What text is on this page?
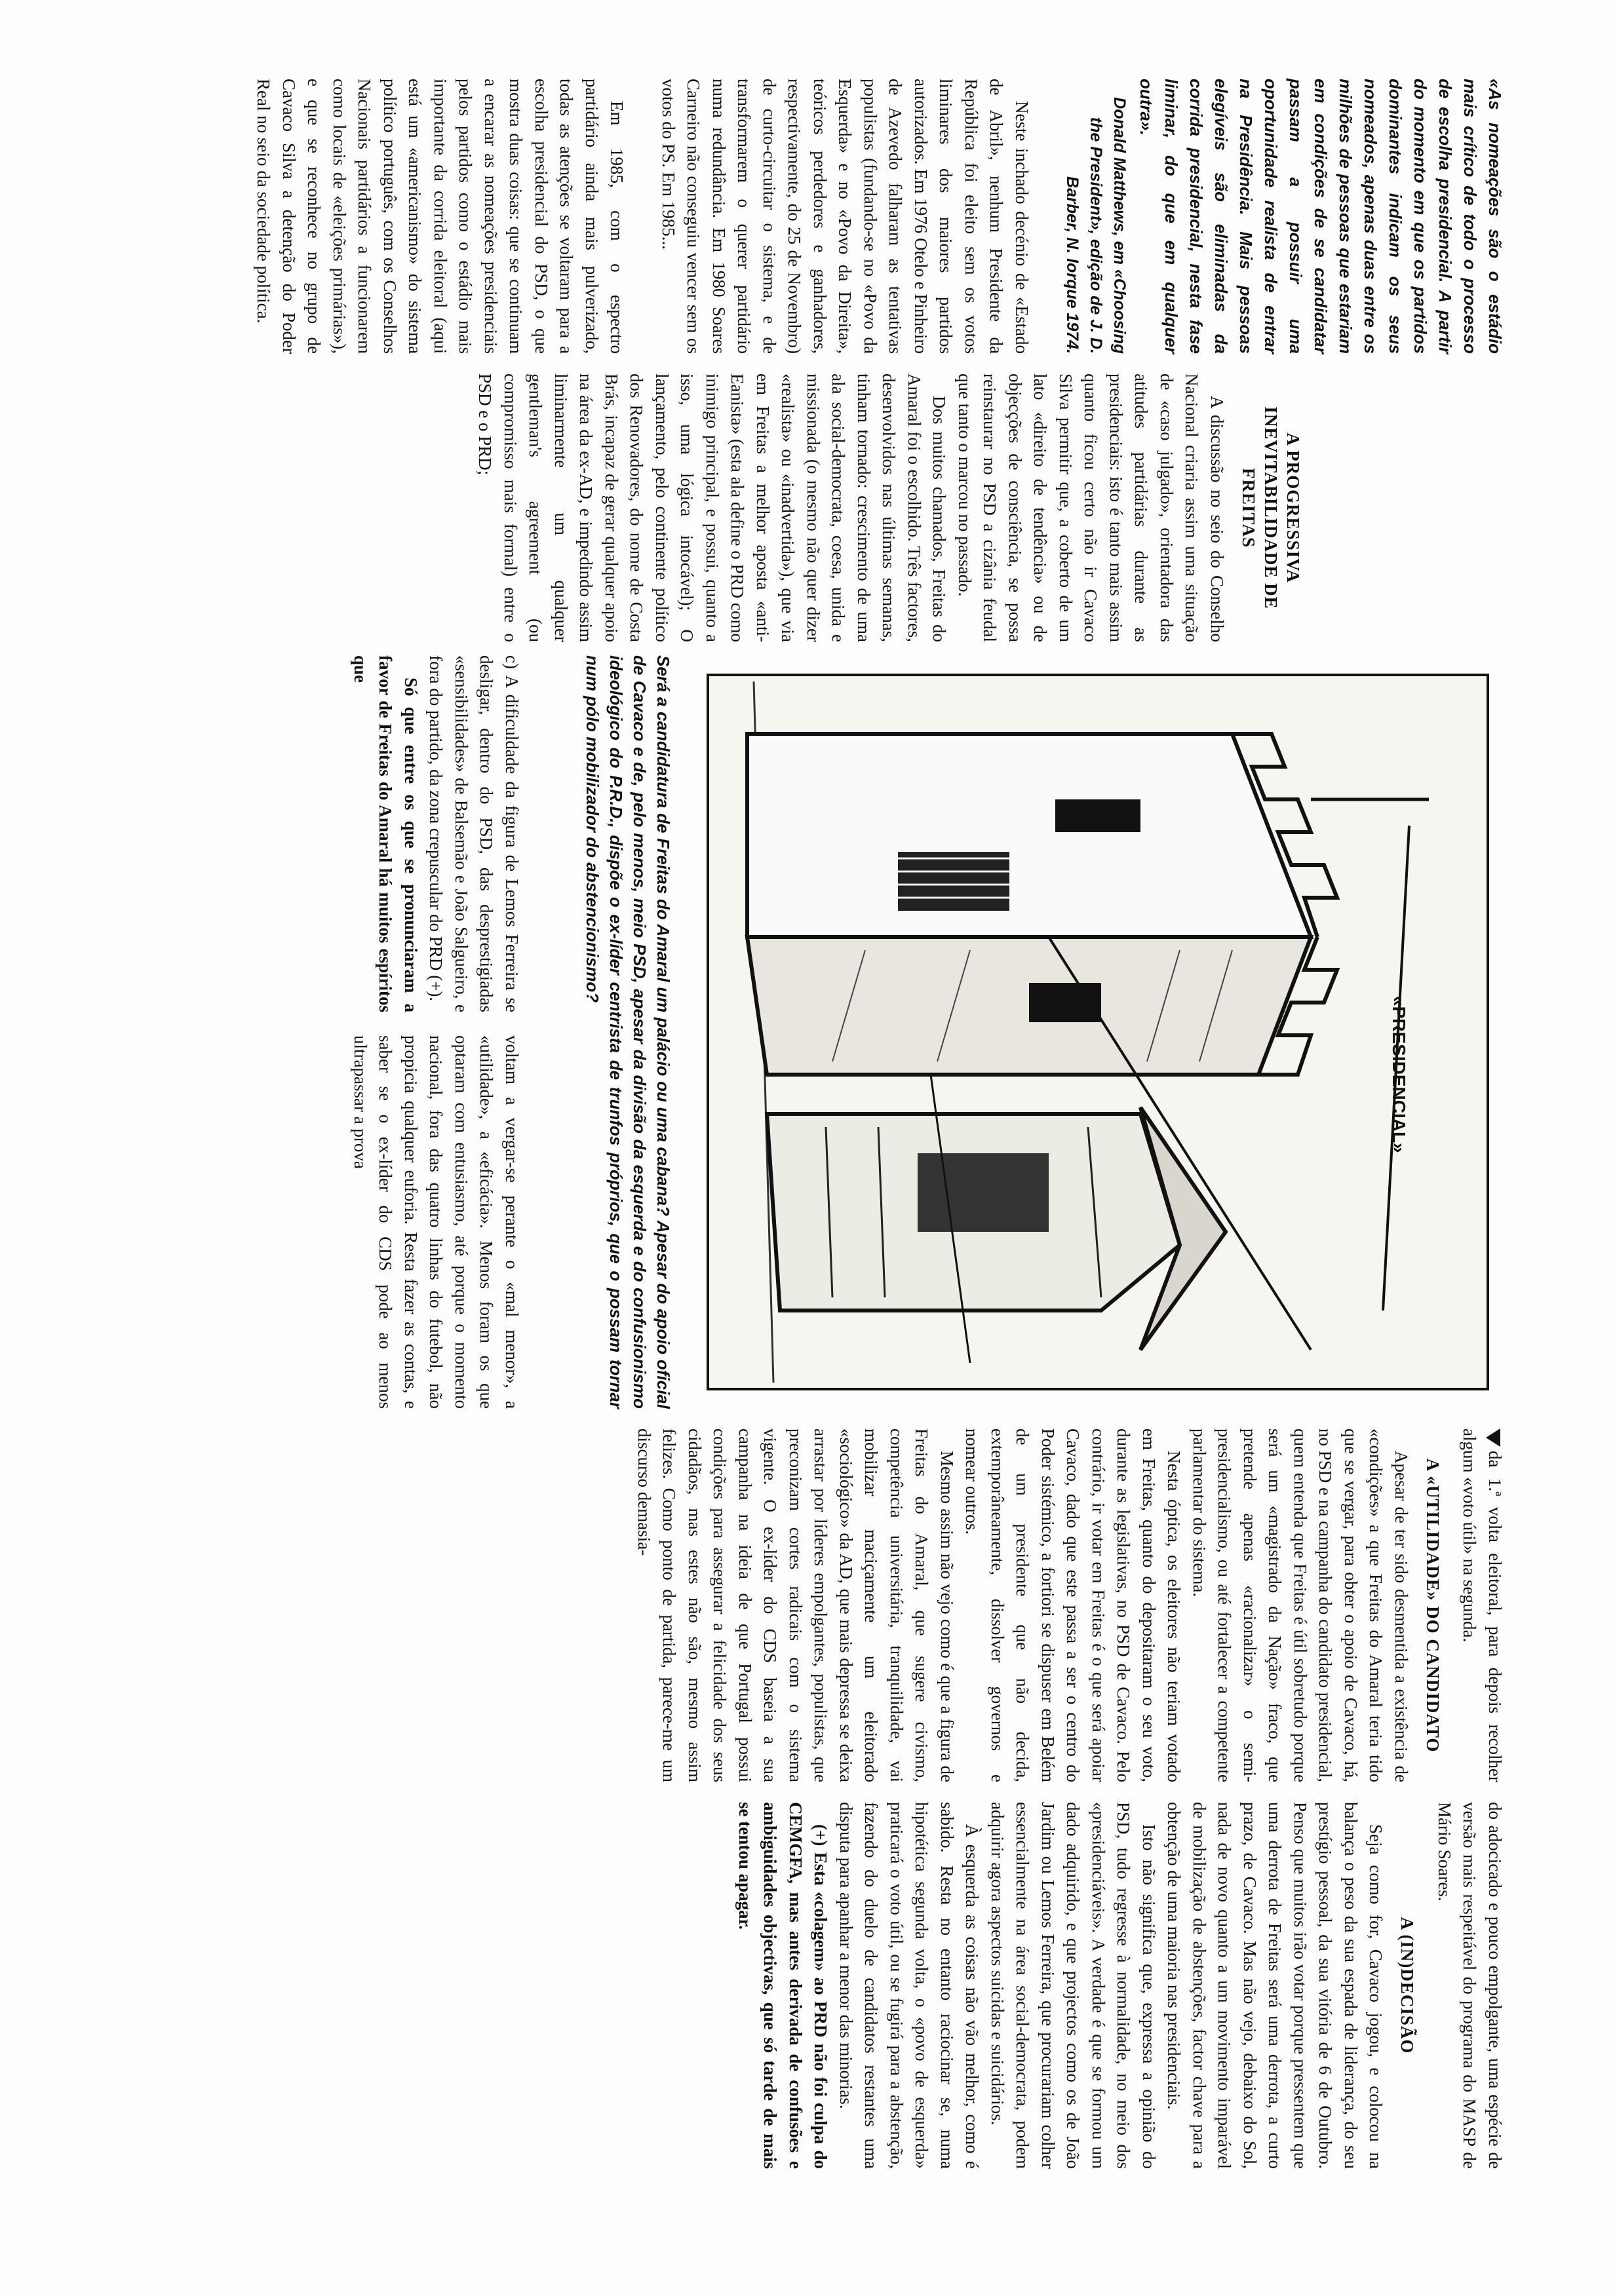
«As nomeações são o estádio mais crítico de todo o processo de escolha presidencial. A partir do momento em que os partidos dominantes indicam os seus nomeados, apenas duas entre os milhões de pessoas que estariam em condições de se candidatar passam a possuir uma oportunidade realista de entrar na Presidência. Mais pessoas elegíveis são eliminadas da corrida presidencial, nesta fase liminar, do que em qualquer outra».

Donald Matthews, em «Choosing the President», edição de J. D. Barber, N. Iorque 1974.

Neste inchado decénio de «Estado de Abril», nenhum Presidente da República foi eleito sem os votos liminares dos maiores partidos autorizados. Em 1976 Otelo e Pinheiro de Azevedo falharam as tentativas populistas (fundando-se no «Povo da Esquerda» e no «Povo da Direita», teóricos perdedores e ganhadores, respectivamente, do 25 de Novembro) de curto-circuitar o sistema, e de transformarem o querer partidário numa redundância. Em 1980 Soares Carneiro não conseguiu vencer sem os votos do PS. Em 1985...

Em 1985, com o espectro partidário ainda mais pulverizado, todas as atenções se voltaram para a escolha presidencial do PSD, o que mostra duas coisas: que se continuam a encarar as nomeações presidenciais pelos partidos como o estádio mais importante da corrida eleitoral (aqui está um «americanismo» do sistema político português, com os Conselhos Nacionais partidários a funcionarem como locais de «eleições primárias»), e que se reconhece no grupo de Cavaco Silva a detenção do Poder Real no seio da sociedade política.

A PROGRESSIVA INEVITABILIDADE DE FREITAS

A discussão no seio do Conselho Nacional criaria assim uma situação de «caso julgado», orientadora das atitudes partidárias durante as presidenciais: isto é tanto mais assim quanto ficou certo não ir Cavaco Silva permitir que, a coberto de um lato «direito de tendência» ou de objecções de consciência, se possa reinstaurar no PSD a cizânia feudal que tanto o marcou no passado.

Dos muitos chamados, Freitas do Amaral foi o escolhido. Três factores, desenvolvidos nas últimas semanas, tinham tornado: crescimento de uma ala social-democrata, coesa, unida e missionada (o mesmo não quer dizer «realista» ou «inadvertida»), que via em Freitas a melhor aposta «anti-Eanista» (esta ala define o PRD como inimigo principal, e possui, quanto a isso, uma lógica intocável); O lançamento, pelo continente político dos Renovadores, do nome de Costa Brás, incapaz de gerar qualquer apoio na área da ex-AD, e impedindo assim liminarmente um qualquer gentleman's agreement (ou compromisso mais formal) entre o PSD e o PRD;

«PRESIDENCIAL»
Será a candidatura de Freitas do Amaral um palácio ou uma cabana? Apesar do apoio oficial de Cavaco e de, pelo menos, meio PSD, apesar da divisão da esquerda e do confusionismo ideológico do P.R.D., dispõe o ex-líder centrista de trunfos próprios, que o possam tornar num pólo mobilizador do abstencionismo?

c) A dificuldade da figura de Lemos Ferreira se desligar, dentro do PSD, das desprestigiadas «sensibilidades» de Balsemão e João Salgueiro, e fora do partido, da zona crepuscular do PRD (+).

Só que entre os que se pronunciaram a favor de Freitas do Amaral há muitos espíritos que

voltam a vergar-se perante o «mal menor», a «utilidade», a «eficácia». Menos foram os que optaram com entusiasmo, até porque o momento nacional, fora das quatro linhas do futebol, não propicia qualquer euforia. Resta fazer as contas, e saber se o ex-líder do CDS pode ao menos ultrapassar a prova

da 1.ª volta eleitoral, para depois recolher algum «voto útil» na segunda.

A «UTILIDADE» DO CANDIDATO

Apesar de ter sido desmentida a existência de «condições» a que Freitas do Amaral teria tido que se vergar, para obter o apoio de Cavaco, há, no PSD e na campanha do candidato presidencial, quem entenda que Freitas é útil sobretudo porque será um «magistrado da Nação» fraco, que pretende apenas «racionalizar» o semi-presidencialismo, ou até fortalecer a competente parlamentar do sistema.

Nesta óptica, os eleitores não teriam votado em Freitas, quanto do depositaram o seu voto, durante as legislativas, no PSD de Cavaco. Pelo contrário, ir votar em Freitas é o que será apoiar Cavaco, dado que este passa a ser o centro do Poder sistémico, a fortiori se dispuser em Belém de um presidente que não decida, extemporâneamente, dissolver governos e nomear outros.

Mesmo assim não vejo como é que a figura de Freitas do Amaral, que sugere civismo, competência universitária, tranquilidade, vai mobilizar maciçamente um eleitorado «sociológico» da AD, que mais depressa se deixa arrastar por líderes empolgantes, populistas, que preconizam cortes radicais com o sistema vigente. O ex-líder do CDS baseia a sua campanha na ideia de que Portugal possui condições para assegurar a felicidade dos seus cidadãos, mas estes não são, mesmo assim felizes. Como ponto de partida, parece-me um discurso demasia-

do adocicado e pouco empolgante, uma espécie de versão mais respeitável do programa do MASP de Mário Soares.

A (IN)DECISÃO

Seja como for, Cavaco jogou, e colocou na balança o peso da sua espada de liderança, do seu prestígio pessoal, da sua vitória de 6 de Outubro. Penso que muitos irão votar porque pressentem que uma derrota de Freitas será uma derrota, a curto prazo, de Cavaco. Mas não vejo, debaixo do Sol, nada de novo quanto a um movimento imparável de mobilização de abstenções, factor chave para a obtenção de uma maioria nas presidenciais.

Isto não significa que, expressa a opinião do PSD, tudo regresse à normalidade, no meio dos «presidenciáveis». A verdade é que se formou um dado adquirido, e que projectos como os de João Jardim ou Lemos Ferreira, que procurariam colher essencialmente na área social-democrata, podem adquirir agora aspectos suicidas e suicidários.

À esquerda as coisas não vão melhor, como é sabido. Resta no entanto raciocinar se, numa hipotética segunda volta, o «povo de esquerda» praticará o voto útil, ou se fugirá para a abstenção, fazendo do duelo de candidatos restantes uma disputa para apanhar a menor das minorias.

(+) Esta «colagem» ao PRD não foi culpa do CEMGFA, mas antes derivada de confusões e ambiguidades objectivas, que só tarde de mais se tentou apagar.
